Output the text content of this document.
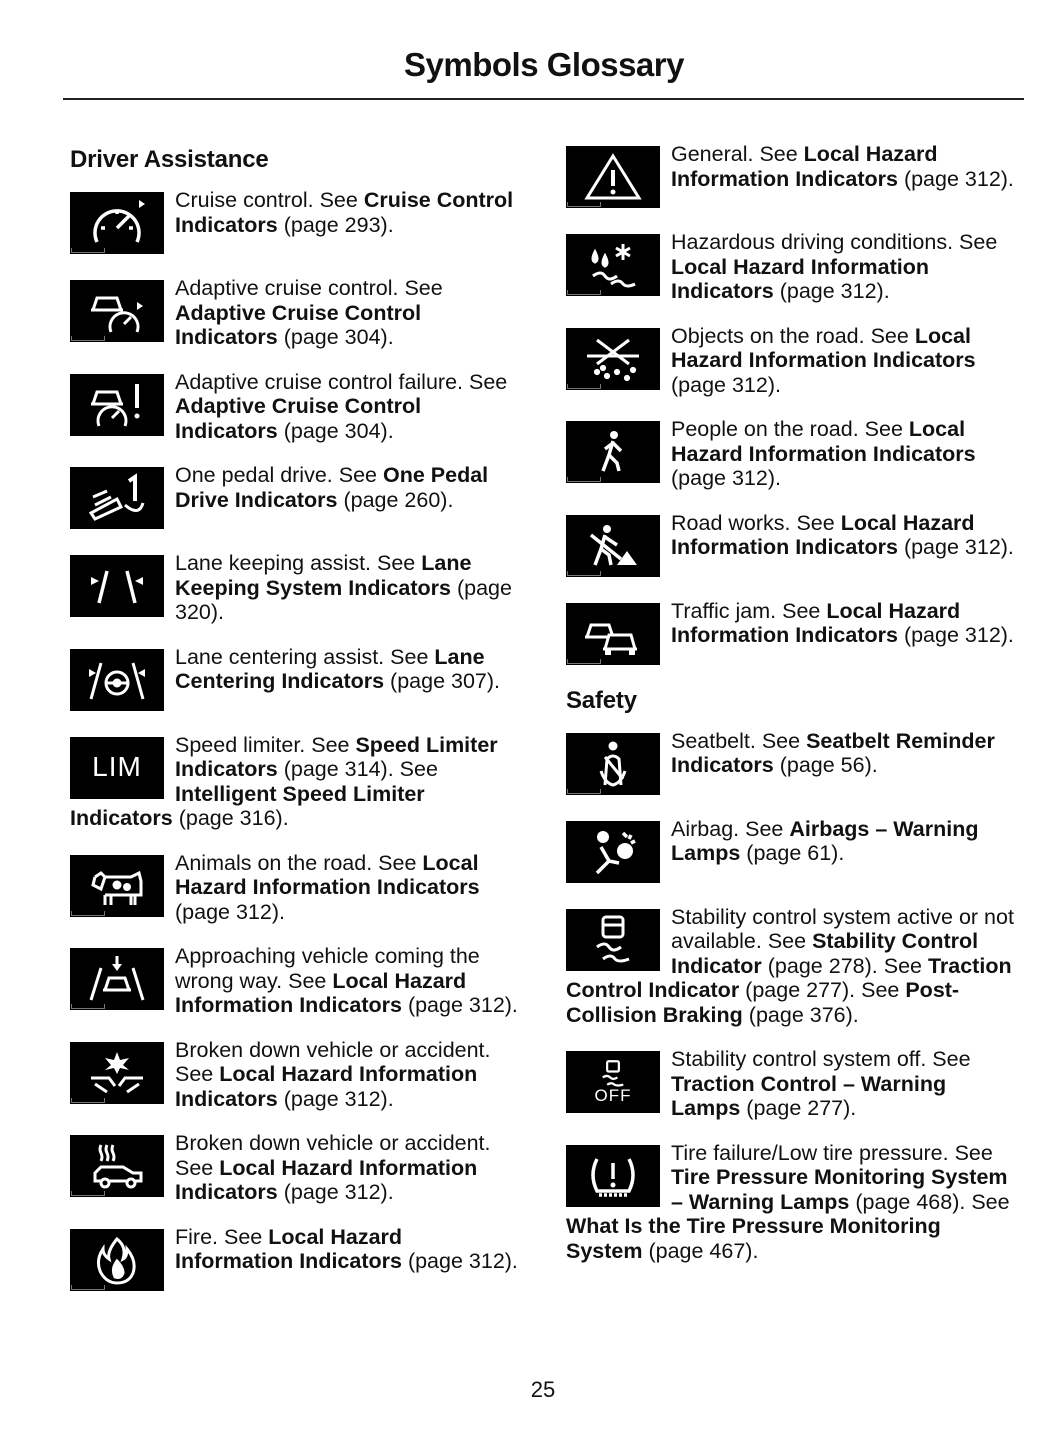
Symbols Glossary
Driver Assistance
Cruise control. See Cruise Control Indicators (page 293).
Adaptive cruise control. See Adaptive Cruise Control Indicators (page 304).
Adaptive cruise control failure. See Adaptive Cruise Control Indicators (page 304).
One pedal drive. See One Pedal Drive Indicators (page 260).
Lane keeping assist. See Lane Keeping System Indicators (page 320).
Lane centering assist. See Lane Centering Indicators (page 307).
LIM
Speed limiter. See Speed Limiter Indicators (page 314). See Intelligent Speed Limiter Indicators (page 316).
Animals on the road. See Local Hazard Information Indicators (page 312).
Approaching vehicle coming the wrong way. See Local Hazard Information Indicators (page 312).
Broken down vehicle or accident. See Local Hazard Information Indicators (page 312).
Broken down vehicle or accident. See Local Hazard Information Indicators (page 312).
Fire. See Local Hazard Information Indicators (page 312).
General. See Local Hazard Information Indicators (page 312).
Hazardous driving conditions. See Local Hazard Information Indicators (page 312).
Objects on the road. See Local Hazard Information Indicators (page 312).
People on the road. See Local Hazard Information Indicators (page 312).
Road works. See Local Hazard Information Indicators (page 312).
Traffic jam. See Local Hazard Information Indicators (page 312).
Safety
Seatbelt. See Seatbelt Reminder Indicators (page 56).
Airbag. See Airbags – Warning Lamps (page 61).
Stability control system active or not available. See Stability Control Indicator (page 278). See Traction Control Indicator (page 277). See Post-Collision Braking (page 376).
OFF
Stability control system off. See Traction Control – Warning Lamps (page 277).
Tire failure/Low tire pressure. See Tire Pressure Monitoring System – Warning Lamps (page 468). See What Is the Tire Pressure Monitoring System (page 467).
25
